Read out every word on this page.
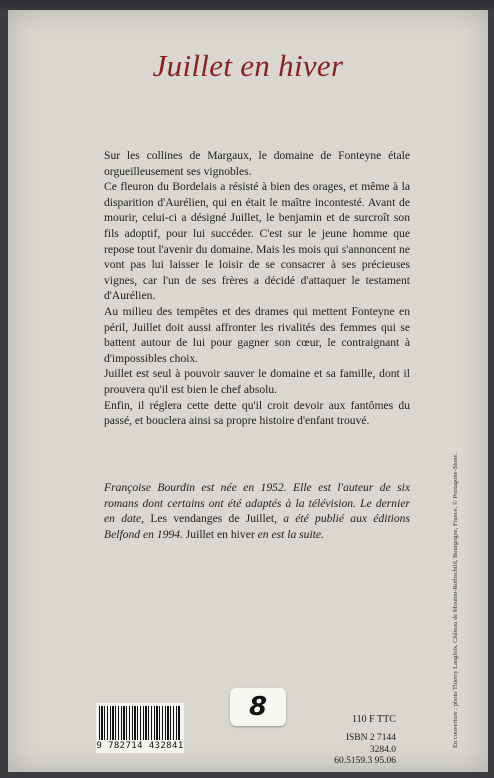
Juillet en hiver

Sur les collines de Margaux, le domaine de Fonteyne étale orgueilleusement ses vignobles.

Ce fleuron du Bordelais a résisté à bien des orages, et même à la disparition d'Aurélien, qui en était le maître incontesté. Avant de mourir, celui-ci a désigné Juillet, le benjamin et de surcroît son fils adoptif, pour lui succéder. C'est sur le jeune homme que repose tout l'avenir du domaine. Mais les mois qui s'annoncent ne vont pas lui laisser le loisir de se consacrer à ses précieuses vignes, car l'un de ses frères a décidé d'attaquer le testament d'Aurélien.

Au milieu des tempêtes et des drames qui mettent Fonteyne en péril, Juillet doit aussi affronter les rivalités des femmes qui se battent autour de lui pour gagner son cœur, le contraignant à d'impossibles choix.

Juillet est seul à pouvoir sauver le domaine et sa famille, dont il prouvera qu'il est bien le chef absolu.

Enfin, il réglera cette dette qu'il croit devoir aux fantômes du passé, et bouclera ainsi sa propre histoire d'enfant trouvé.

Françoise Bourdin est née en 1952. Elle est l'auteur de six romans dont certains ont été adaptés à la télévision. Le dernier en date, Les vendanges de Juillet, a été publié aux éditions Belfond en 1994. Juillet en hiver en est la suite.	En couverture : photo Thierry Langlois. Château de Mouton-Rothschild, Bourgogne, France. © Pentagone-Stone.
9 782714 432841
8	110 F TTC
ISBN 2 7144 3284.0
60.5159.3 95.06
